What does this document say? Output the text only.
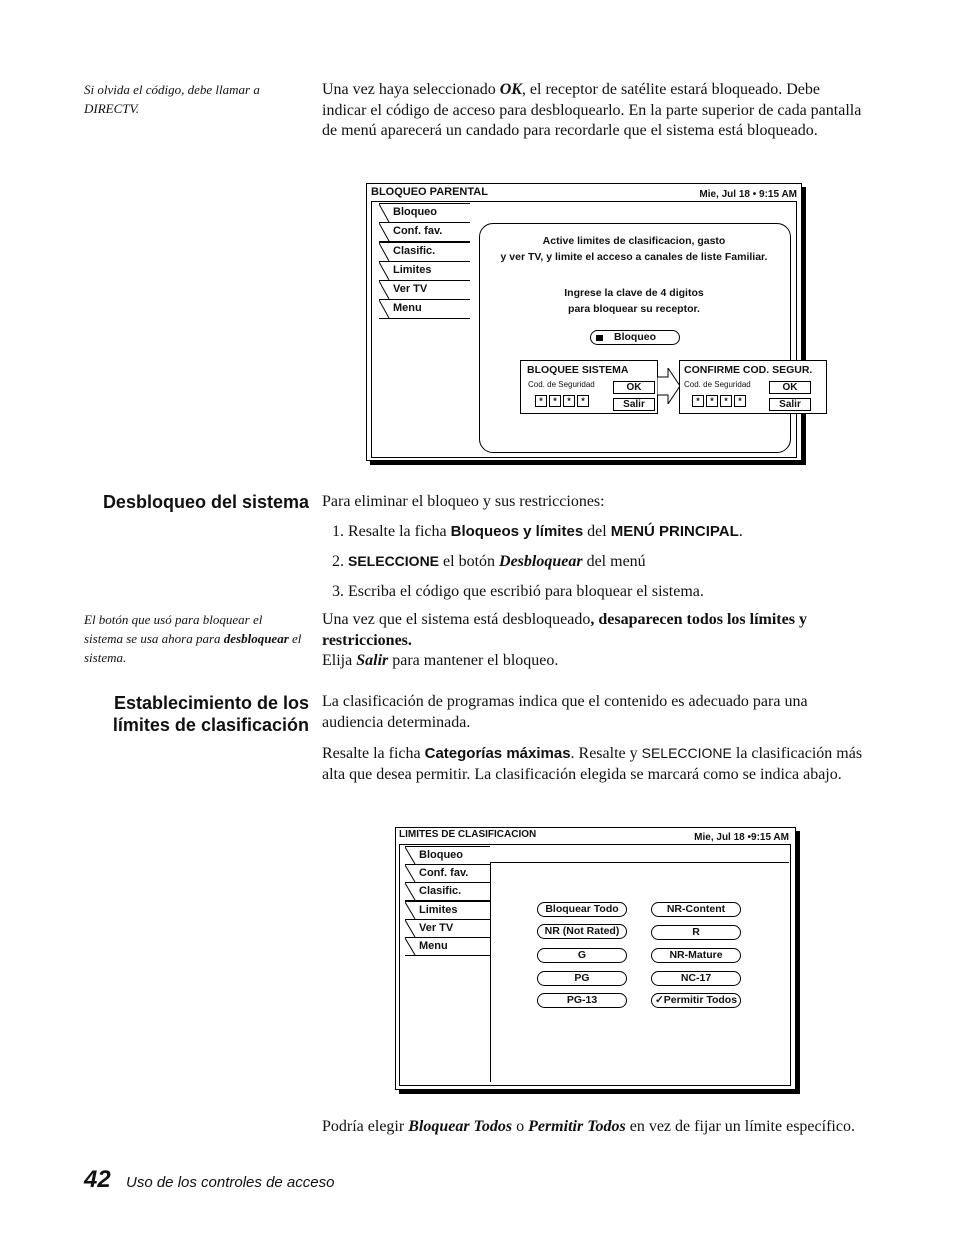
Si olvida el código, debe llamar a DIRECTV.
Una vez haya seleccionado OK, el receptor de satélite estará bloqueado. Debe indicar el código de acceso para desbloquearlo. En la parte superior de cada pantalla de menú aparecerá un candado para recordarle que el sistema está bloqueado.
BLOQUEO PARENTAL	Mie, Jul 18 • 9:15 AM
Bloqueo
Conf. fav.
Clasific.
Limites
Ver TV
Menu
Active limites de clasificacion, gasto
y ver TV, y limite el acceso a canales de liste Familiar.
Ingrese la clave de 4 digitos
para bloquear su receptor.
Bloqueo
BLOQUEE SISTEMA
Cod. de Seguridad
*	*	*	*
OK
Salir
CONFIRME COD. SEGUR.
Cod. de Seguridad
*	*	*	*
OK
Salir
Desbloqueo del sistema Para eliminar el bloqueo y sus restricciones:
1. Resalte la ficha Bloqueos y límites del MENÚ PRINCIPAL.
2. SELECCIONE el botón Desbloquear del menú
3. Escriba el código que escribió para bloquear el sistema.
El botón que usó para bloquear el sistema se usa ahora para desbloquear el sistema.
Una vez que el sistema está desbloqueado, desaparecen todos los límites y restricciones.
Elija Salir para mantener el bloqueo.
Establecimiento de los
límites de clasificación
La clasificación de programas indica que el contenido es adecuado para una audiencia determinada.
Resalte la ficha Categorías máximas. Resalte y SELECCIONE la clasificación más alta que desea permitir. La clasificación elegida se marcará como se indica abajo.
LIMITES DE CLASIFICACION	Mie, Jul 18 •9:15 AM
Bloqueo
Conf. fav.
Clasific.
Limites
Ver TV
Menu
Bloquear Todo
NR (Not Rated)
G
PG
PG-13
NR-Content
R
NR-Mature
NC-17
✓Permitir Todos
Podría elegir Bloquear Todos o Permitir Todos en vez de fijar un límite específico.
42 Uso de los controles de acceso
